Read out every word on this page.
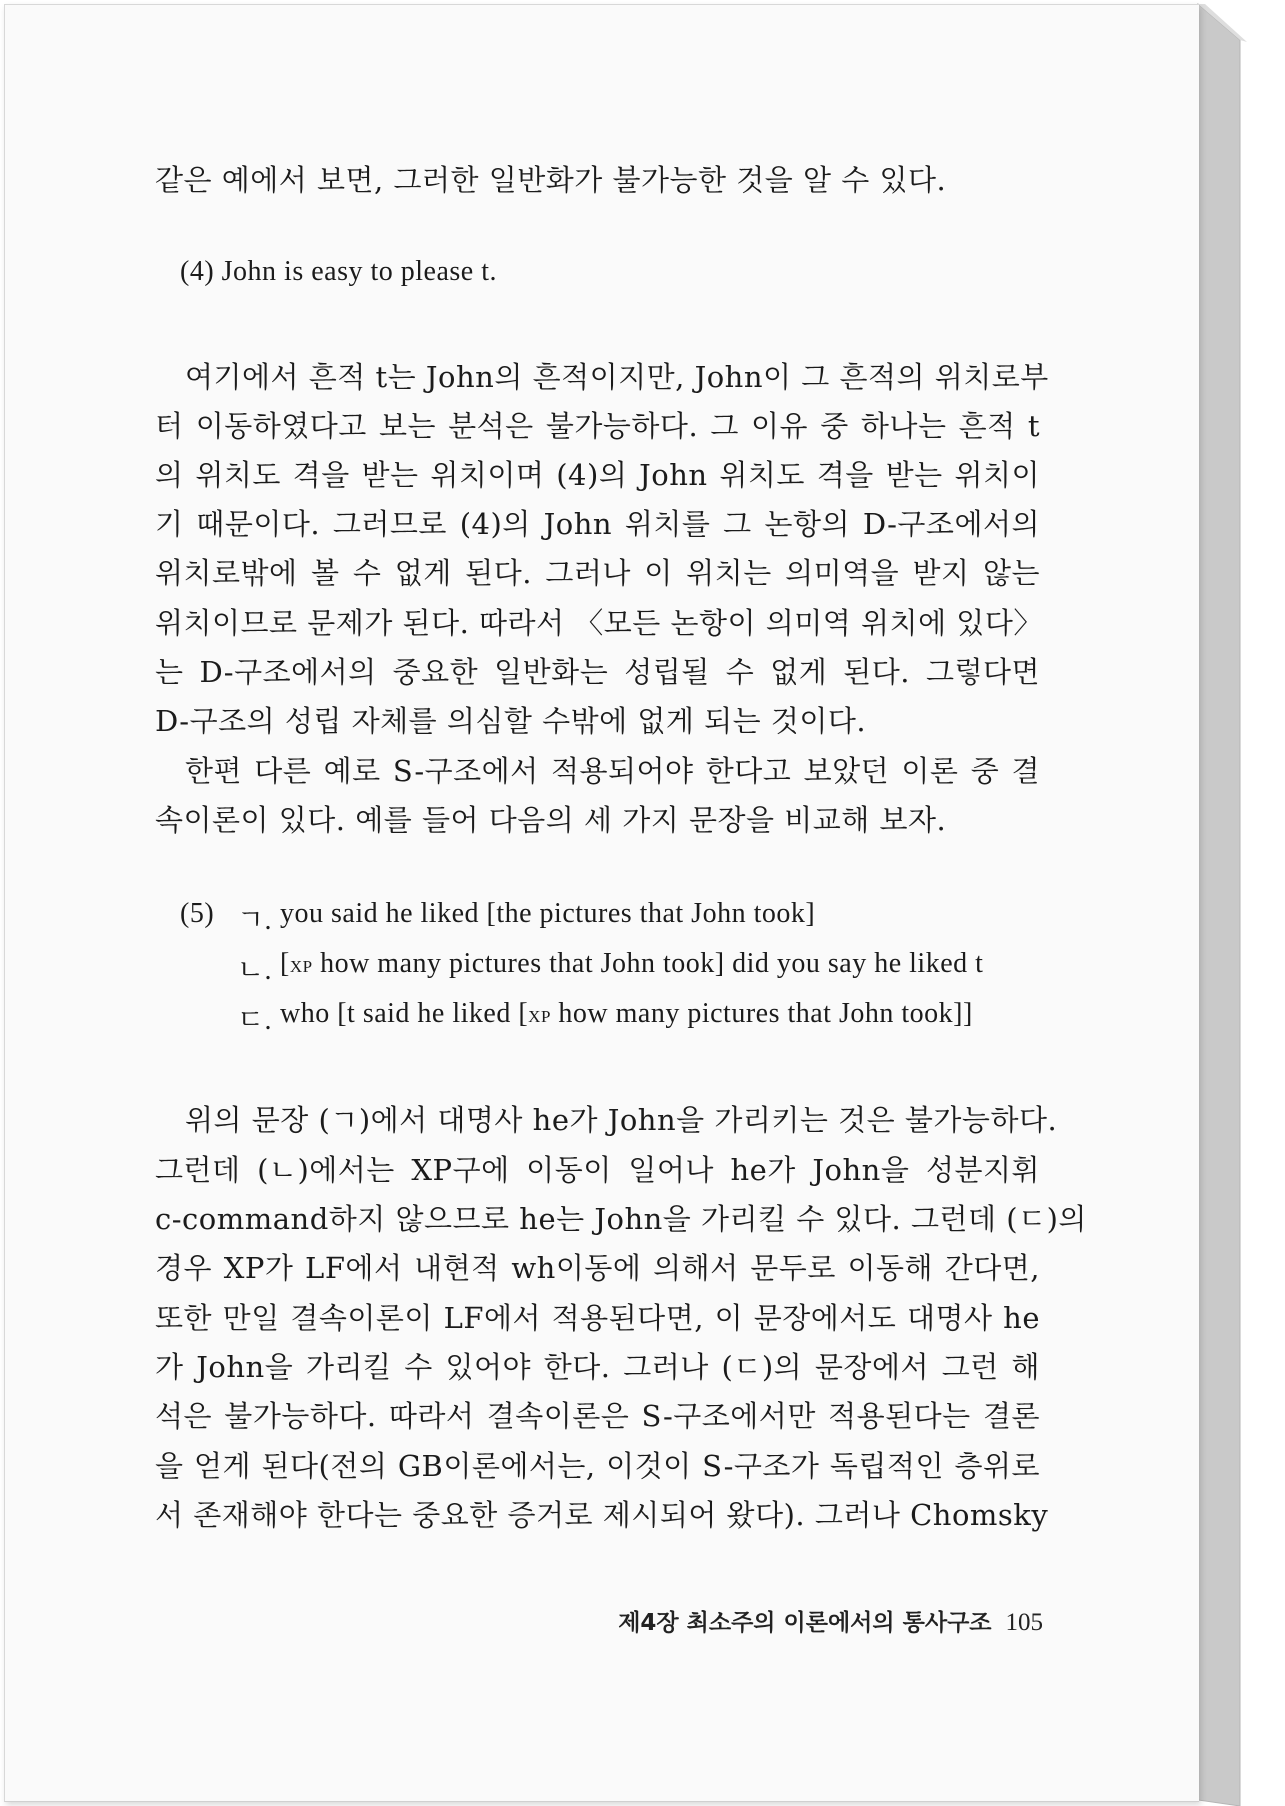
같은 예에서 보면, 그러한 일반화가 불가능한 것을 알 수 있다.
(4) John is easy to please t.
여기에서 흔적 t는 John의 흔적이지만, John이 그 흔적의 위치로부
터 이동하였다고 보는 분석은 불가능하다. 그 이유 중 하나는 흔적 t
의 위치도 격을 받는 위치이며 (4)의 John 위치도 격을 받는 위치이
기 때문이다. 그러므로 (4)의 John 위치를 그 논항의 D-구조에서의
위치로밖에 볼 수 없게 된다. 그러나 이 위치는 의미역을 받지 않는
위치이므로 문제가 된다. 따라서 〈모든 논항이 의미역 위치에 있다〉
는 D-구조에서의 중요한 일반화는 성립될 수 없게 된다. 그렇다면
D-구조의 성립 자체를 의심할 수밖에 없게 되는 것이다.
한편 다른 예로 S-구조에서 적용되어야 한다고 보았던 이론 중 결
속이론이 있다. 예를 들어 다음의 세 가지 문장을 비교해 보자.
(5) ㄱ. you said he liked [the pictures that John took]
ㄴ. [XP how many pictures that John took] did you say he liked t
ㄷ. who [t said he liked [XP how many pictures that John took]]
위의 문장 (ㄱ)에서 대명사 he가 John을 가리키는 것은 불가능하다.
그런데 (ㄴ)에서는 XP구에 이동이 일어나 he가 John을 성분지휘
c-command하지 않으므로 he는 John을 가리킬 수 있다. 그런데 (ㄷ)의
경우 XP가 LF에서 내현적 wh이동에 의해서 문두로 이동해 간다면,
또한 만일 결속이론이 LF에서 적용된다면, 이 문장에서도 대명사 he
가 John을 가리킬 수 있어야 한다. 그러나 (ㄷ)의 문장에서 그런 해
석은 불가능하다. 따라서 결속이론은 S-구조에서만 적용된다는 결론
을 얻게 된다(전의 GB이론에서는, 이것이 S-구조가 독립적인 층위로
서 존재해야 한다는 중요한 증거로 제시되어 왔다). 그러나 Chomsky
제4장 최소주의 이론에서의 통사구조 105
